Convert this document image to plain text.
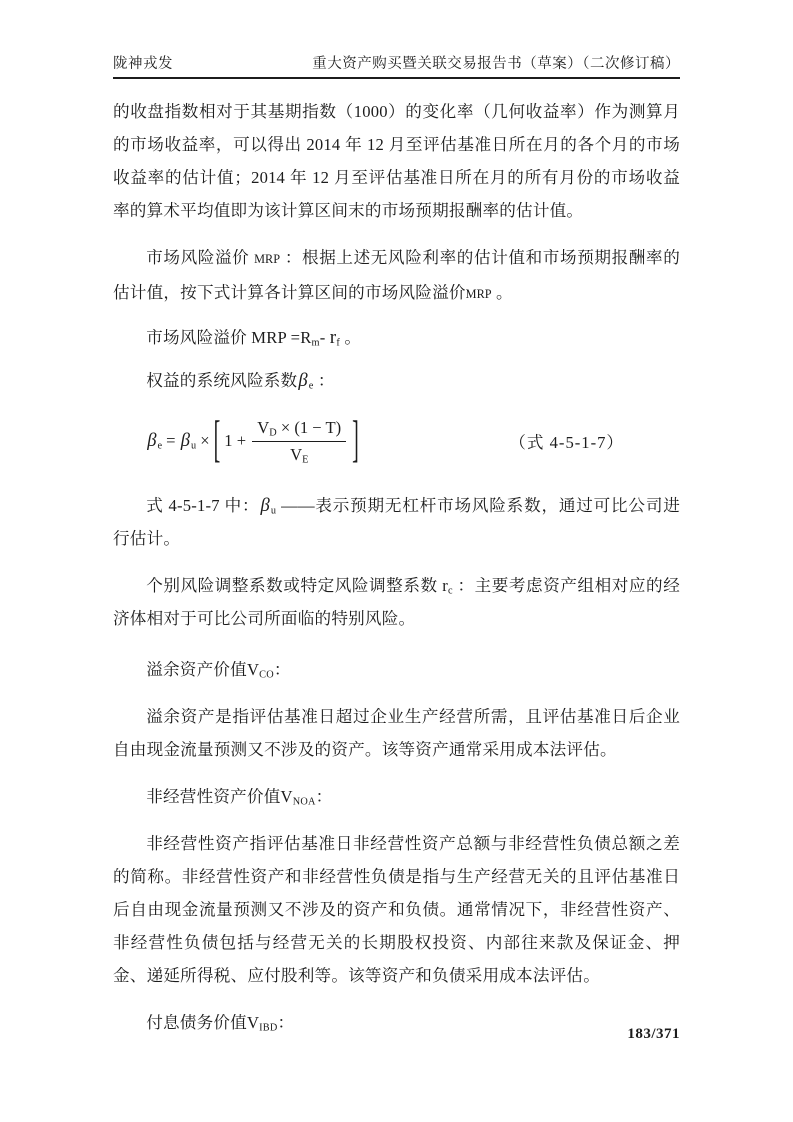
陇神戎发	重大资产购买暨关联交易报告书（草案）（二次修订稿）

的收盘指数相对于其基期指数（1000）的变化率（几何收益率）作为测算月的市场收益率，可以得出 2014 年 12 月至评估基准日所在月的各个月的市场收益率的估计值；2014 年 12 月至评估基准日所在月的所有月份的市场收益率的算术平均值即为该计算区间末的市场预期报酬率的估计值。

市场风险溢价 MRP ：根据上述无风险利率的估计值和市场预期报酬率的估计值，按下式计算各计算区间的市场风险溢价MRP 。

市场风险溢价 MRP $=R_m-$ $r_f$ 。

权益的系统风险系数$\beta_e$ ：

$\beta_e = \beta_u$ × [ 1 +
$\frac{V_D \times (1 - T)}{V_E}$ ]	（式 4-5-1-7）

式 4-5-1-7 中：$\beta_u$ ——表示预期无杠杆市场风险系数，通过可比公司进行估计。

个别风险调整系数或特定风险调整系数 $r_c$ ：主要考虑资产组相对应的经济体相对于可比公司所面临的特别风险。

溢余资产价值$V_{CO}$：

溢余资产是指评估基准日超过企业生产经营所需，且评估基准日后企业自由现金流量预测又不涉及的资产。该等资产通常采用成本法评估。

非经营性资产价值$V_{NOA}$：

非经营性资产指评估基准日非经营性资产总额与非经营性负债总额之差的简称。非经营性资产和非经营性负债是指与生产经营无关的且评估基准日后自由现金流量预测又不涉及的资产和负债。通常情况下，非经营性资产、非经营性负债包括与经营无关的长期股权投资、内部往来款及保证金、押金、递延所得税、应付股利等。该等资产和负债采用成本法评估。

付息债务价值$V_{IBD}$：

183/371
